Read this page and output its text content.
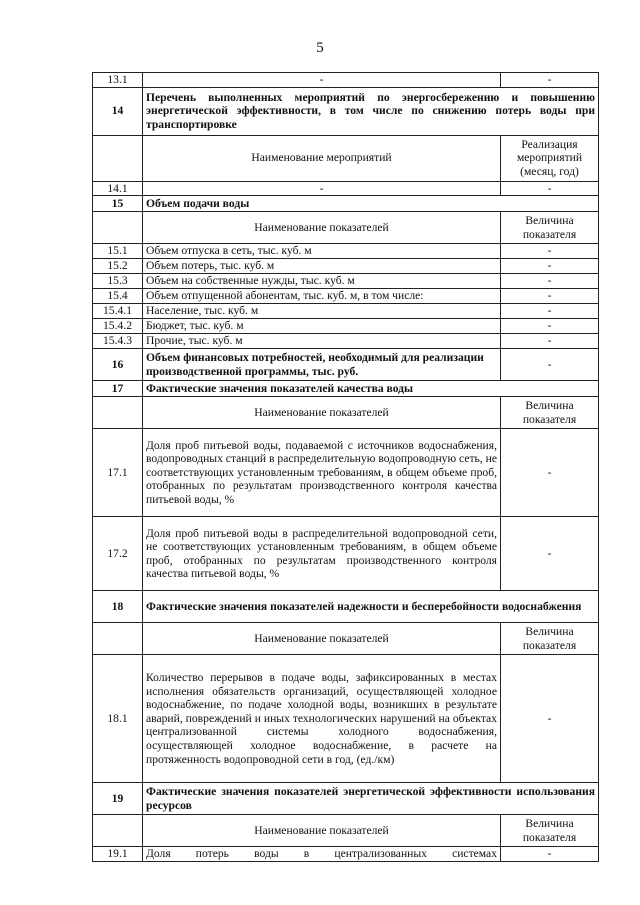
5
13.1	-	-
14	Перечень выполненных мероприятий по энергосбережению и повышению энергетической эффективности, в том числе по снижению потерь воды при транспортировке	
	Наименование мероприятий	Реализация мероприятий (месяц, год)
14.1	-	-
15	Объем подачи воды	
	Наименование показателей	Величина показателя
15.1	Объем отпуска в сеть, тыс. куб. м	-
15.2	Объем потерь, тыс. куб. м	-
15.3	Объем на собственные нужды, тыс. куб. м	-
15.4	Объем отпущенной абонентам, тыс. куб. м, в том числе:	-
15.4.1	Население, тыс. куб. м	-
15.4.2	Бюджет, тыс. куб. м	-
15.4.3	Прочие, тыс. куб. м	-
16	Объем финансовых потребностей, необходимый для реализации производственной программы, тыс. руб.	-
17	Фактические значения показателей качества воды	
	Наименование показателей	Величина показателя
17.1	Доля проб питьевой воды, подаваемой с источников водоснабжения, водопроводных станций в распределительную водопроводную сеть, не соответствующих установленным требованиям, в общем объеме проб, отобранных по результатам производственного контроля качества питьевой воды, %	-
17.2	Доля проб питьевой воды в распределительной водопроводной сети, не соответствующих установленным требованиям, в общем объеме проб, отобранных по результатам производственного контроля качества питьевой воды, %	-
18	Фактические значения показателей надежности и бесперебойности водоснабжения	
	Наименование показателей	Величина показателя
18.1	Количество перерывов в подаче воды, зафиксированных в местах исполнения обязательств организаций, осуществляющей холодное водоснабжение, по подаче холодной воды, возникших в результате аварий, повреждений и иных технологических нарушений на объектах централизованной системы холодного водоснабжения, осуществляющей холодное водоснабжение, в расчете на протяженность водопроводной сети в год, (ед./км)	-
19	Фактические значения показателей энергетической эффективности использования ресурсов	
	Наименование показателей	Величина показателя
19.1	Доля потерь воды в централизованных системах	-
